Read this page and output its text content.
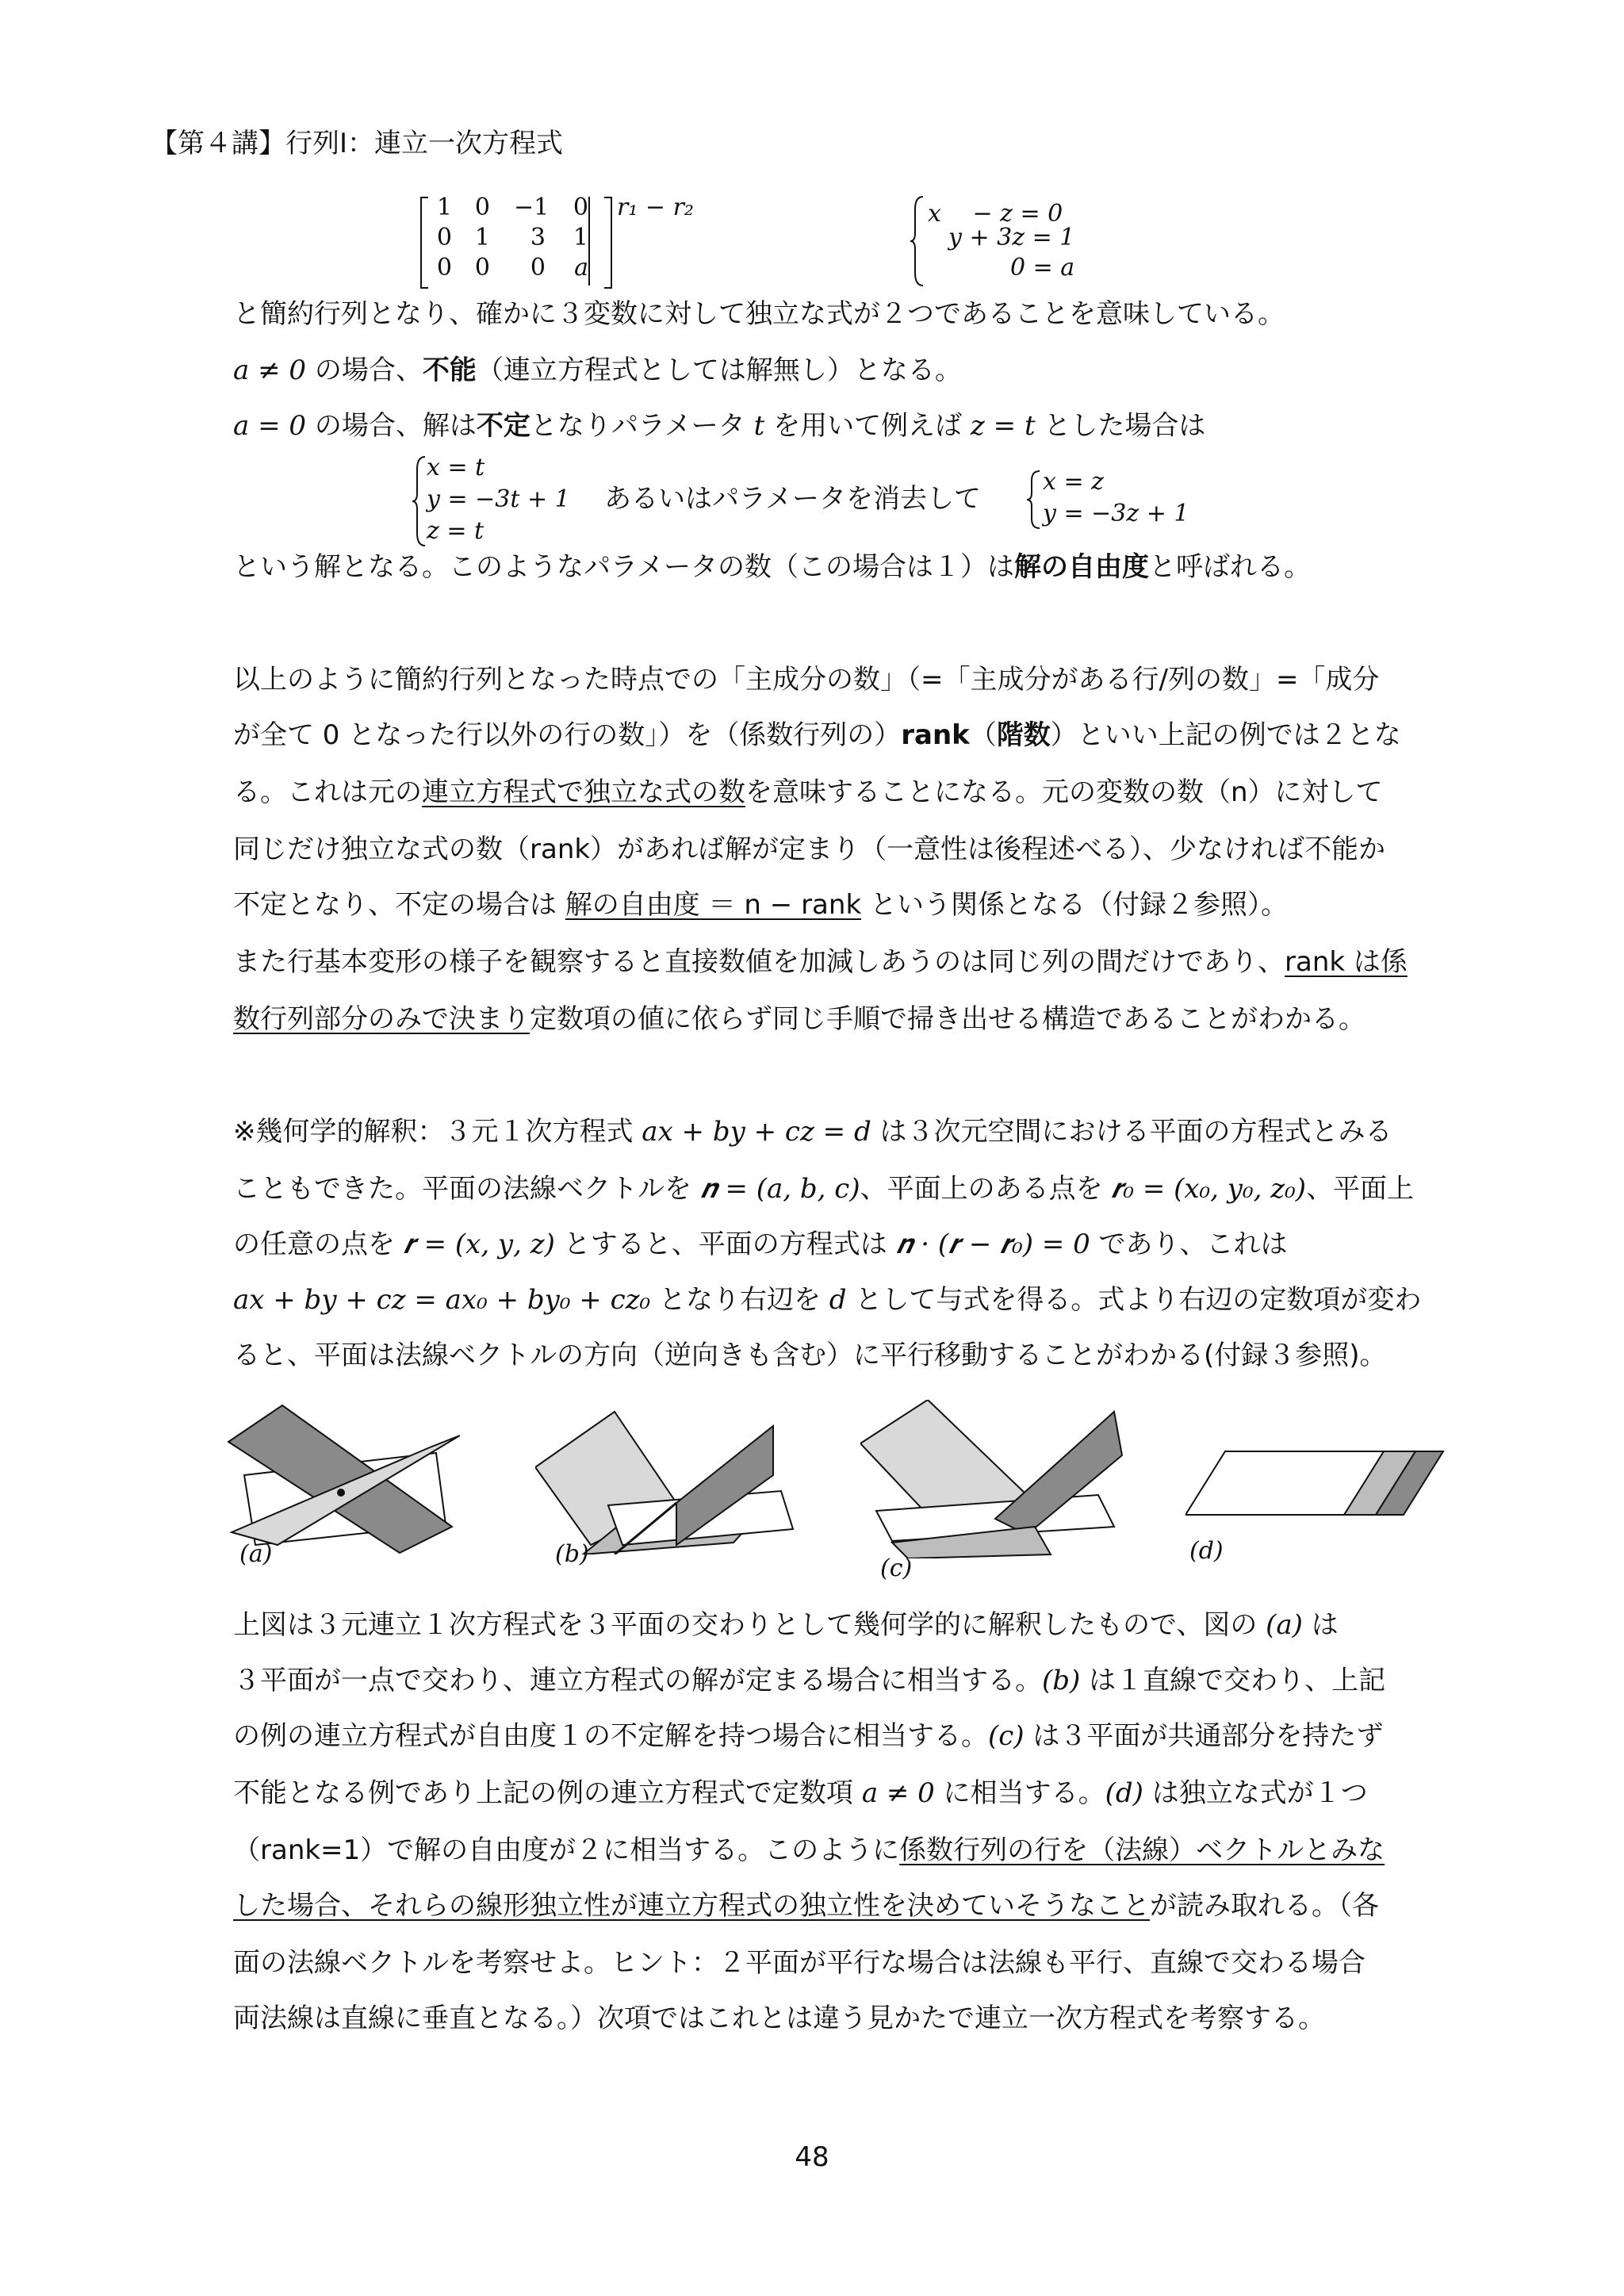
【第４講】行列Ⅰ：連立一次方程式
1 0 −1	0
0 1	3	1
0 0	0	a
r₁ − r₂	𝑥　 − 𝑧 = 0
𝑦 + 3𝑧 = 1
0 = 𝑎
と簡約行列となり、確かに３変数に対して独立な式が２つであることを意味している。
𝑎 ≠ 0 の場合、不能（連立方程式としては解無し）となる。
𝑎 = 0 の場合、解は不定となりパラメータ 𝑡 を用いて例えば 𝑧 = 𝑡 とした場合は
𝑥 = 𝑡
𝑦 = −3𝑡 + 1
𝑧 = 𝑡
あるいはパラメータを消去して
𝑥 = 𝑧
𝑦 = −3𝑧 + 1
という解となる。このようなパラメータの数（この場合は１）は解の自由度と呼ばれる。
以上のように簡約行列となった時点での「主成分の数」（=「主成分がある行/列の数」=「成分
が全て 0 となった行以外の行の数」）を（係数行列の）rank（階数）といい上記の例では２とな
る。これは元の連立方程式で独立な式の数を意味することになる。元の変数の数（n）に対して
同じだけ独立な式の数（rank）があれば解が定まり（一意性は後程述べる）、少なければ不能か
不定となり、不定の場合は 解の自由度 ＝ n − rank という関係となる（付録２参照）。
また行基本変形の様子を観察すると直接数値を加減しあうのは同じ列の間だけであり、rank は係
数行列部分のみで決まり定数項の値に依らず同じ手順で掃き出せる構造であることがわかる。
※幾何学的解釈：３元１次方程式 𝑎𝑥 + 𝑏𝑦 + 𝑐𝑧 = 𝑑 は３次元空間における平面の方程式とみる
こともできた。平面の法線ベクトルを 𝒏 = (𝑎, 𝑏, 𝑐)、平面上のある点を 𝒓₀ = (𝑥₀, 𝑦₀, 𝑧₀)、平面上
の任意の点を 𝒓 = (𝑥, 𝑦, 𝑧) とすると、平面の方程式は 𝒏 · (𝒓 − 𝒓₀) = 0 であり、これは
𝑎𝑥 + 𝑏𝑦 + 𝑐𝑧 = 𝑎𝑥₀ + 𝑏𝑦₀ + 𝑐𝑧₀ となり右辺を 𝑑 として与式を得る。式より右辺の定数項が変わ
ると、平面は法線ベクトルの方向（逆向きも含む）に平行移動することがわかる(付録３参照)。
(𝑎)	(𝑏)
(𝑐)
(𝑑)
上図は３元連立１次方程式を３平面の交わりとして幾何学的に解釈したもので、図の (𝑎) は
３平面が一点で交わり、連立方程式の解が定まる場合に相当する。(𝑏) は１直線で交わり、上記
の例の連立方程式が自由度１の不定解を持つ場合に相当する。(𝑐) は３平面が共通部分を持たず
不能となる例であり上記の例の連立方程式で定数項 𝑎 ≠ 0 に相当する。(𝑑) は独立な式が１つ
（rank=1）で解の自由度が２に相当する。このように係数行列の行を（法線）ベクトルとみな
した場合、それらの線形独立性が連立方程式の独立性を決めていそうなことが読み取れる。（各
面の法線ベクトルを考察せよ。ヒント：２平面が平行な場合は法線も平行、直線で交わる場合
両法線は直線に垂直となる。）次項ではこれとは違う見かたで連立一次方程式を考察する。
48
